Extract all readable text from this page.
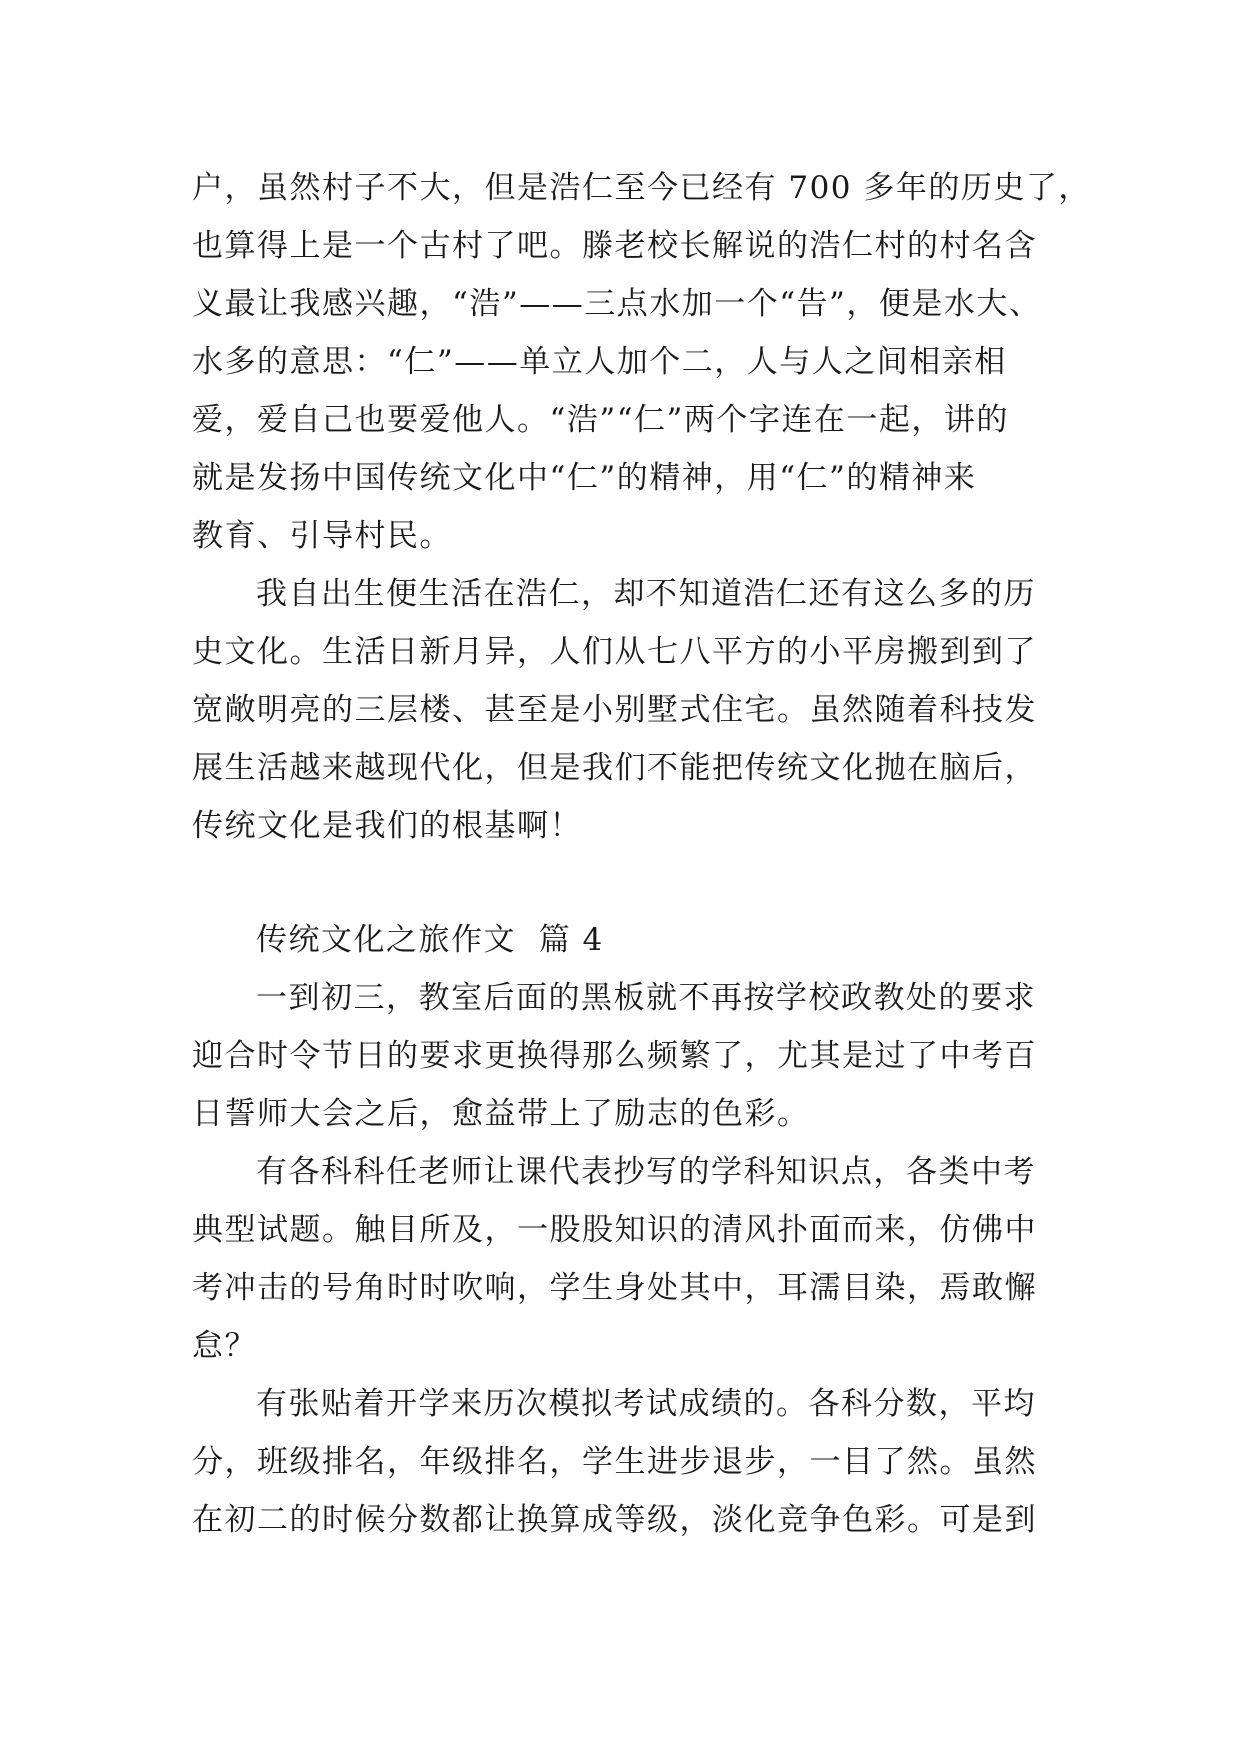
户，虽然村子不大，但是浩仁至今已经有 700 多年的历史了，
也算得上是一个古村了吧。滕老校长解说的浩仁村的村名含
义最让我感兴趣，“浩”——三点水加一个“告”，便是水大、
水多的意思：“仁”——单立人加个二，人与人之间相亲相
爱，爱自己也要爱他人。“浩”“仁”两个字连在一起，讲的
就是发扬中国传统文化中“仁”的精神，用“仁”的精神来
教育、引导村民。
我自出生便生活在浩仁，却不知道浩仁还有这么多的历
史文化。生活日新月异，人们从七八平方的小平房搬到到了
宽敞明亮的三层楼、甚至是小别墅式住宅。虽然随着科技发
展生活越来越现代化，但是我们不能把传统文化抛在脑后，
传统文化是我们的根基啊！
传统文化之旅作文  篇 4
一到初三，教室后面的黑板就不再按学校政教处的要求
迎合时令节日的要求更换得那么频繁了，尤其是过了中考百
日誓师大会之后，愈益带上了励志的色彩。
有各科科任老师让课代表抄写的学科知识点，各类中考
典型试题。触目所及，一股股知识的清风扑面而来，仿佛中
考冲击的号角时时吹响，学生身处其中，耳濡目染，焉敢懈
怠？
有张贴着开学来历次模拟考试成绩的。各科分数，平均
分，班级排名，年级排名，学生进步退步，一目了然。虽然
在初二的时候分数都让换算成等级，淡化竞争色彩。可是到
